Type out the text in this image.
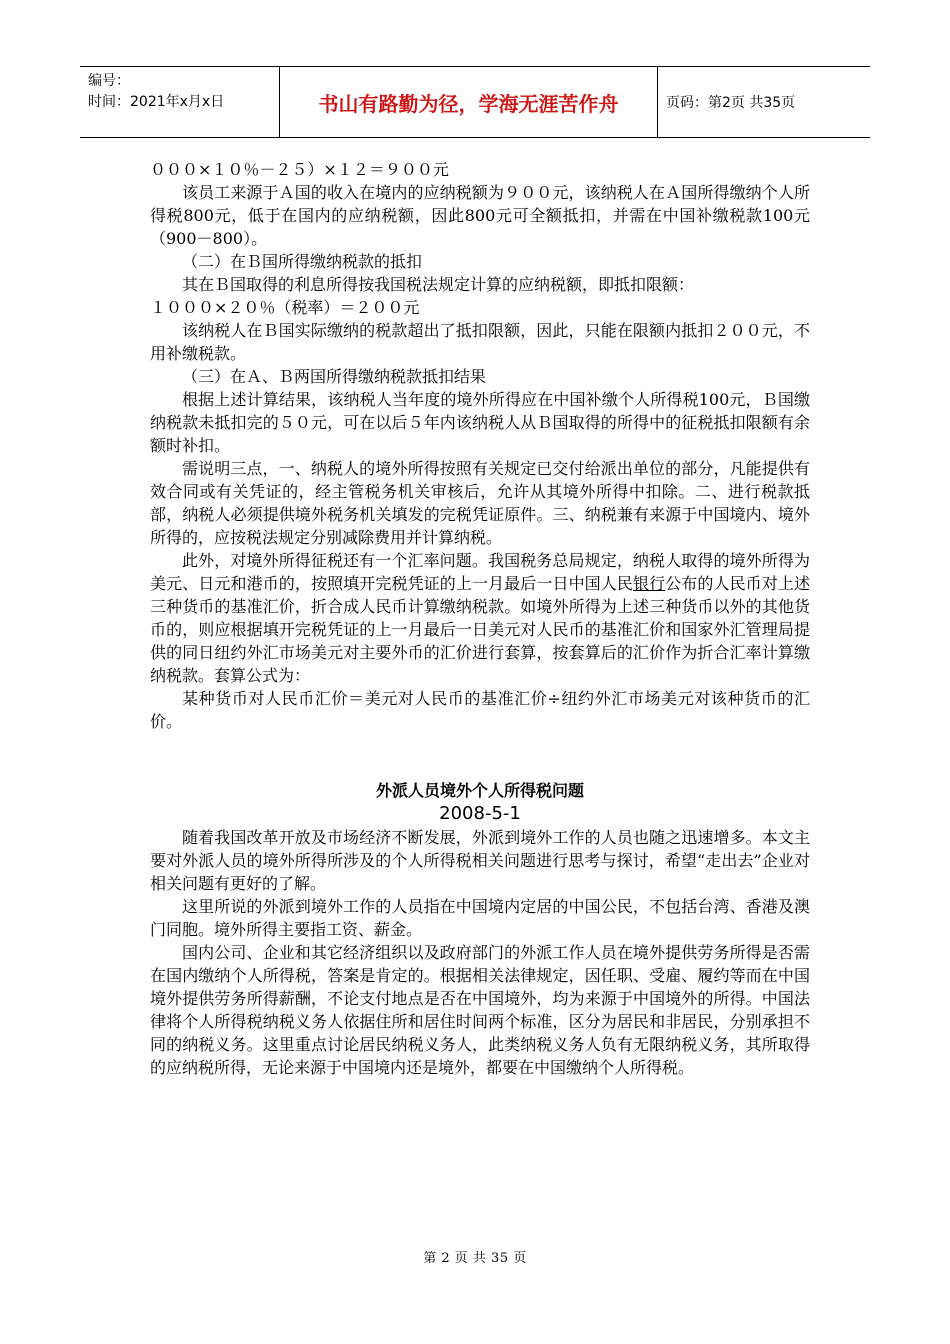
编号：
时间：2021年x月x日	书山有路勤为径，学海无涯苦作舟	页码：第2页 共35页

０００×１０％－２５）×１２＝９００元

该员工来源于Ａ国的收入在境内的应纳税额为９００元，该纳税人在Ａ国所得缴纳个人所得税800元，低于在国内的应纳税额，因此800元可全额抵扣，并需在中国补缴税款100元（900－800）。

（二）在Ｂ国所得缴纳税款的抵扣

其在Ｂ国取得的利息所得按我国税法规定计算的应纳税额，即抵扣限额：

１０００×２０％（税率）＝２００元

该纳税人在Ｂ国实际缴纳的税款超出了抵扣限额，因此，只能在限额内抵扣２００元，不用补缴税款。

（三）在Ａ、Ｂ两国所得缴纳税款抵扣结果

根据上述计算结果，该纳税人当年度的境外所得应在中国补缴个人所得税100元，Ｂ国缴纳税款未抵扣完的５０元，可在以后５年内该纳税人从Ｂ国取得的所得中的征税抵扣限额有余额时补扣。

需说明三点，一、纳税人的境外所得按照有关规定已交付给派出单位的部分，凡能提供有效合同或有关凭证的，经主管税务机关审核后，允许从其境外所得中扣除。二、进行税款抵部，纳税人必须提供境外税务机关填发的完税凭证原件。三、纳税兼有来源于中国境内、境外所得的，应按税法规定分别减除费用并计算纳税。

此外，对境外所得征税还有一个汇率问题。我国税务总局规定，纳税人取得的境外所得为美元、日元和港币的，按照填开完税凭证的上一月最后一日中国人民银行公布的人民币对上述三种货币的基准汇价，折合成人民币计算缴纳税款。如境外所得为上述三种货币以外的其他货币的，则应根据填开完税凭证的上一月最后一日美元对人民币的基准汇价和国家外汇管理局提供的同日纽约外汇市场美元对主要外币的汇价进行套算，按套算后的汇价作为折合汇率计算缴纳税款。套算公式为：

某种货币对人民币汇价＝美元对人民币的基准汇价÷纽约外汇市场美元对该种货币的汇价。

外派人员境外个人所得税问题

2008-5-1

随着我国改革开放及市场经济不断发展，外派到境外工作的人员也随之迅速增多。本文主要对外派人员的境外所得所涉及的个人所得税相关问题进行思考与探讨，希望“走出去”企业对相关问题有更好的了解。

这里所说的外派到境外工作的人员指在中国境内定居的中国公民，不包括台湾、香港及澳门同胞。境外所得主要指工资、薪金。

国内公司、企业和其它经济组织以及政府部门的外派工作人员在境外提供劳务所得是否需在国内缴纳个人所得税，答案是肯定的。根据相关法律规定，因任职、受雇、履约等而在中国境外提供劳务所得薪酬，不论支付地点是否在中国境外，均为来源于中国境外的所得。中国法律将个人所得税纳税义务人依据住所和居住时间两个标准，区分为居民和非居民，分别承担不同的纳税义务。这里重点讨论居民纳税义务人，此类纳税义务人负有无限纳税义务，其所取得的应纳税所得，无论来源于中国境内还是境外，都要在中国缴纳个人所得税。

第 2 页 共 35 页
